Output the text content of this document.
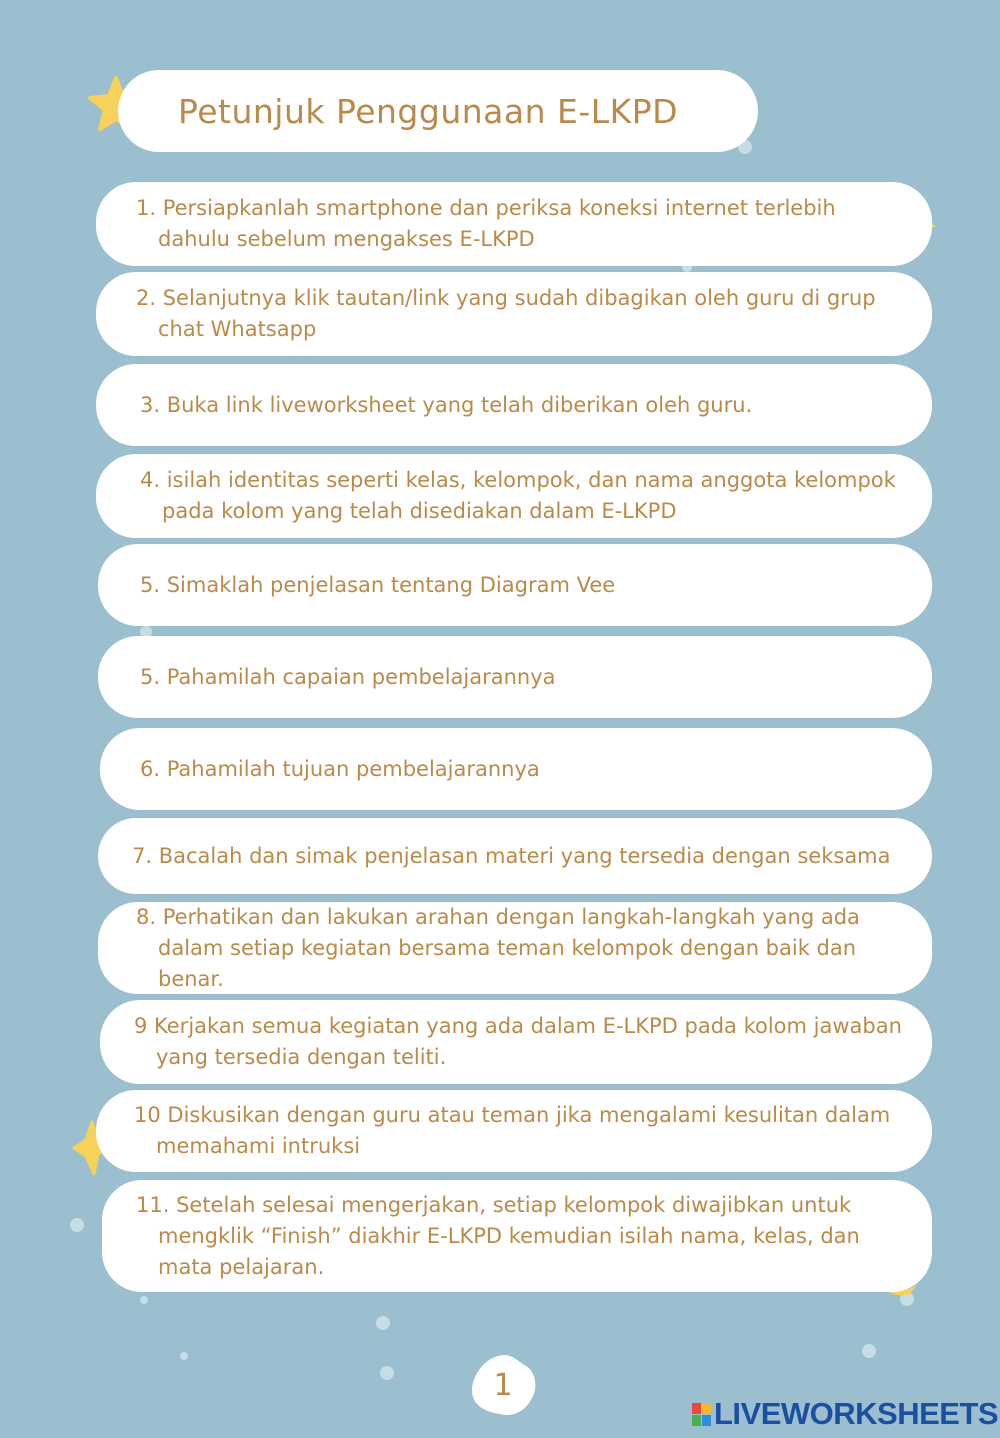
Petunjuk Penggunaan E-LKPD
1. Persiapkanlah smartphone dan periksa koneksi internet terlebih dahulu sebelum mengakses E-LKPD
2. Selanjutnya klik tautan/link yang sudah dibagikan oleh guru di grup chat Whatsapp
3. Buka link liveworksheet yang telah diberikan oleh guru.
4. isilah identitas seperti kelas, kelompok, dan nama anggota kelompok pada kolom yang telah disediakan dalam E-LKPD
5. Simaklah penjelasan tentang Diagram Vee
5. Pahamilah capaian pembelajarannya
6. Pahamilah tujuan pembelajarannya
7. Bacalah dan simak penjelasan materi yang tersedia dengan seksama
8. Perhatikan dan lakukan arahan dengan langkah-langkah yang ada dalam setiap kegiatan bersama teman kelompok dengan baik dan benar.
9 Kerjakan semua kegiatan yang ada dalam E-LKPD pada kolom jawaban yang tersedia dengan teliti.
10 Diskusikan dengan guru atau teman jika mengalami kesulitan dalam memahami intruksi
11. Setelah selesai mengerjakan, setiap kelompok diwajibkan untuk mengklik “Finish” diakhir E-LKPD kemudian isilah nama, kelas, dan mata pelajaran.
1
LIVEWORKSHEETS
